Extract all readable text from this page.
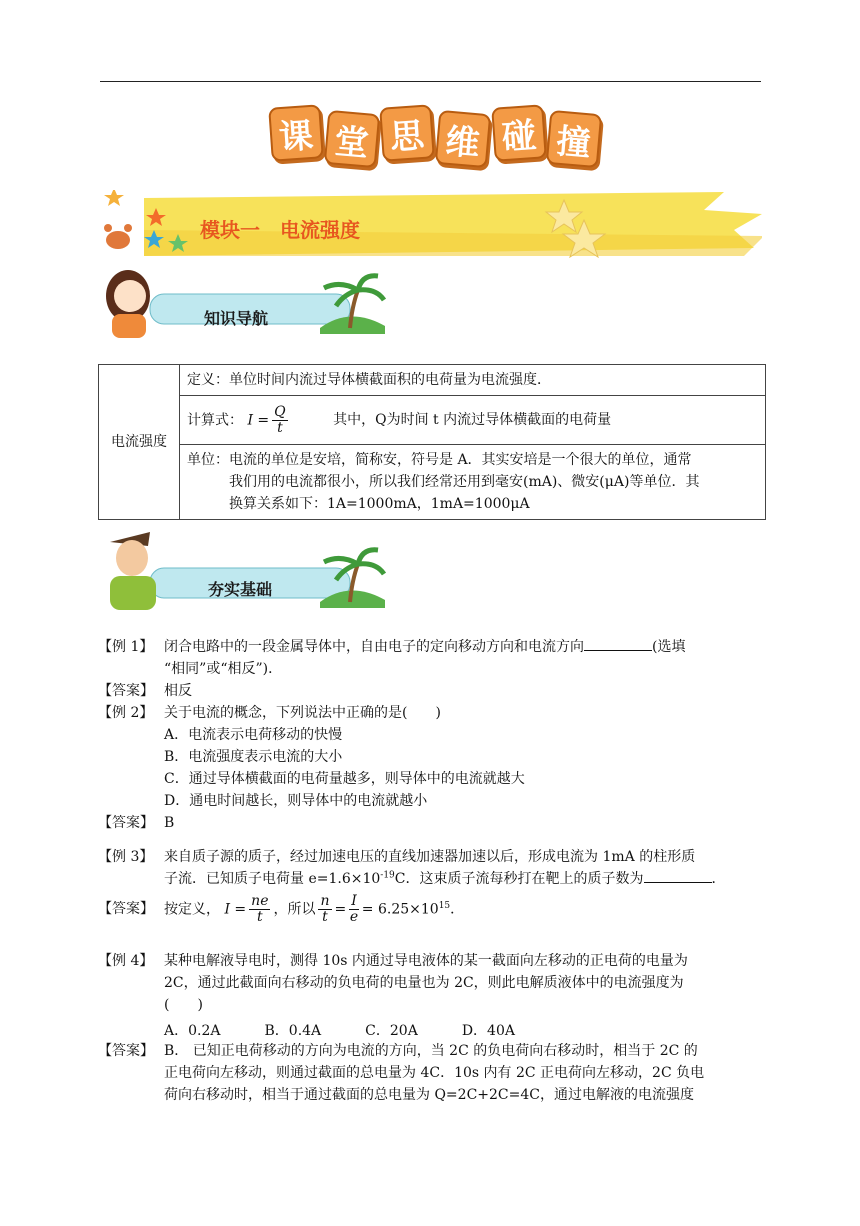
课 堂 思 维 碰 撞
模块一　电流强度
知识导航
电流强度	定义：单位时间内流过导体横截面积的电荷量为电流强度．
计算式： $I = \frac{Q}{t}$	其中，Q为时间 t 内流过导体横截面的电荷量

单位：电流的单位是安培，简称安，符号是 A．其实安培是一个很大的单位，通常
我们用的电流都很小，所以我们经常还用到毫安(mA)、微安(μA)等单位．其
换算关系如下：1A=1000mA，1mA=1000μA
夯实基础
【例 1】 闭合电路中的一段金属导体中，自由电子的定向移动方向和电流方向	(选填
“相同”或“相反”)．
【答案】 相反
【例 2】 关于电流的概念，下列说法中正确的是(　　)
A．电流表示电荷移动的快慢
B．电流强度表示电流的大小
C．通过导体横截面的电荷量越多，则导体中的电流就越大
D．通电时间越长，则导体中的电流就越小
【答案】 B
【例 3】 来自质子源的质子，经过加速电压的直线加速器加速以后，形成电流为 1mA 的柱形质
子流．已知质子电荷量 $e=1.6\times 10^{-19}C$．这束质子流每秒打在靶上的质子数为	．
【答案】 按定义， $I = \frac{ne}{t}$ ，所以 $\frac{n}{t} = \frac{I}{e} = 6.25\times 10^{15}$．
【例 4】 某种电解液导电时，测得 10s 内通过导电液体的某一截面向左移动的正电荷的电量为
2C，通过此截面向右移动的负电荷的电量也为 2C，则此电解质液体中的电流强度为
(　　)
A．0.2A	B．0.4A	C．20A	D．40A
【答案】 B． 已知正电荷移动的方向为电流的方向，当 2C 的负电荷向右移动时，相当于 2C 的
正电荷向左移动，则通过截面的总电量为 4C．10s 内有 2C 正电荷向左移动，2C 负电
荷向右移动时，相当于通过截面的总电量为 Q=2C+2C=4C，通过电解液的电流强度
